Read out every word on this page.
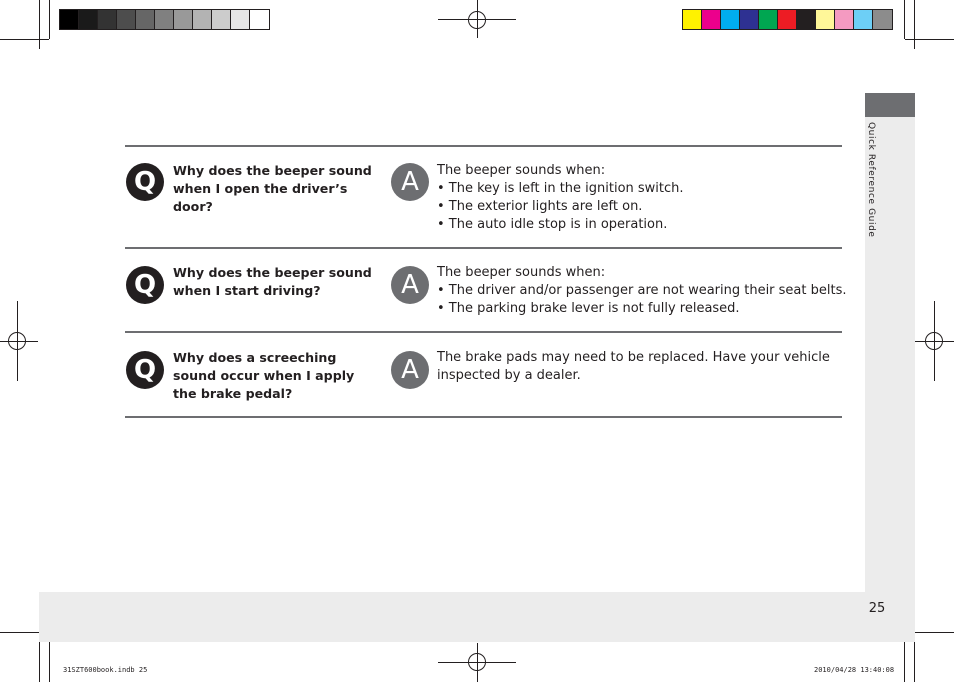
Quick Reference Guide
25
31SZT600book.indb 25	2010/04/28 13:40:08
Q	Why does the beeper sound when I open the driver’s door?
A	The beeper sounds when:
• The key is left in the ignition switch.
• The exterior lights are left on.
• The auto idle stop is in operation.
Q	Why does the beeper sound when I start driving?	A	The beeper sounds when:
• The driver and/or passenger are not wearing their seat belts.
• The parking brake lever is not fully released.
Q	Why does a screeching sound occur when I apply the brake pedal?
A	The brake pads may need to be replaced. Have your vehicle
inspected by a dealer.
